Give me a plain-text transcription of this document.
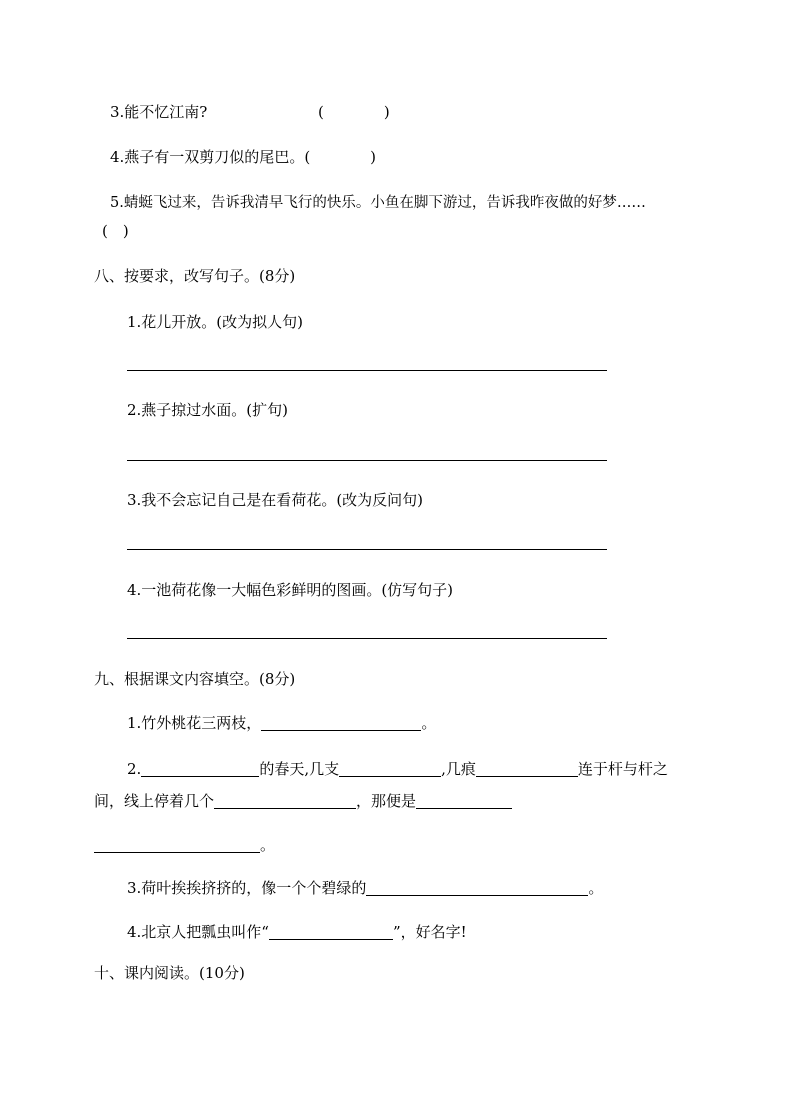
3.能不忆江南?	(　　　　)
4.燕子有一双剪刀似的尾巴。(　　　　)
5.蜻蜓飞过来，告诉我清早飞行的快乐。小鱼在脚下游过，告诉我昨夜做的好梦……
(　)
八、按要求，改写句子。(8分)
1.花儿开放。(改为拟人句)
2.燕子掠过水面。(扩句)
3.我不会忘记自己是在看荷花。(改为反问句)
4.一池荷花像一大幅色彩鲜明的图画。(仿写句子)
九、根据课文内容填空。(8分)
1.竹外桃花三两枝，	。
2.	的春天,几支	,几痕	连于杆与杆之
间，线上停着几个	，那便是
。
3.荷叶挨挨挤挤的，像一个个碧绿的	。
4.北京人把瓢虫叫作“	”，好名字!
十、课内阅读。(10分)
